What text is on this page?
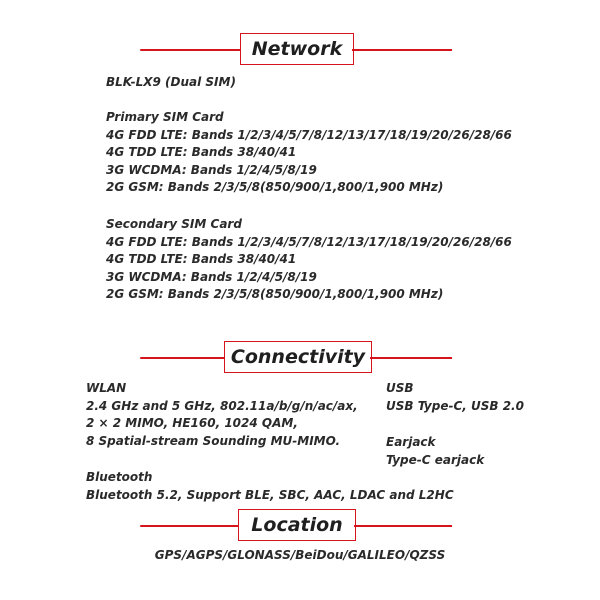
Network
BLK-LX9 (Dual SIM)
Primary SIM Card
4G FDD LTE: Bands 1/2/3/4/5/7/8/12/13/17/18/19/20/26/28/66
4G TDD LTE: Bands 38/40/41
3G WCDMA: Bands 1/2/4/5/8/19
2G GSM: Bands 2/3/5/8(850/900/1,800/1,900 MHz)
Secondary SIM Card
4G FDD LTE: Bands 1/2/3/4/5/7/8/12/13/17/18/19/20/26/28/66
4G TDD LTE: Bands 38/40/41
3G WCDMA: Bands 1/2/4/5/8/19
2G GSM: Bands 2/3/5/8(850/900/1,800/1,900 MHz)
Connectivity
WLAN
2.4 GHz and 5 GHz, 802.11a/b/g/n/ac/ax,
2 × 2 MIMO, HE160, 1024 QAM,
8 Spatial-stream Sounding MU-MIMO.
USB
USB Type-C, USB 2.0
Earjack
Type-C earjack
Bluetooth
Bluetooth 5.2, Support BLE, SBC, AAC, LDAC and L2HC
Location
GPS/AGPS/GLONASS/BeiDou/GALILEO/QZSS
